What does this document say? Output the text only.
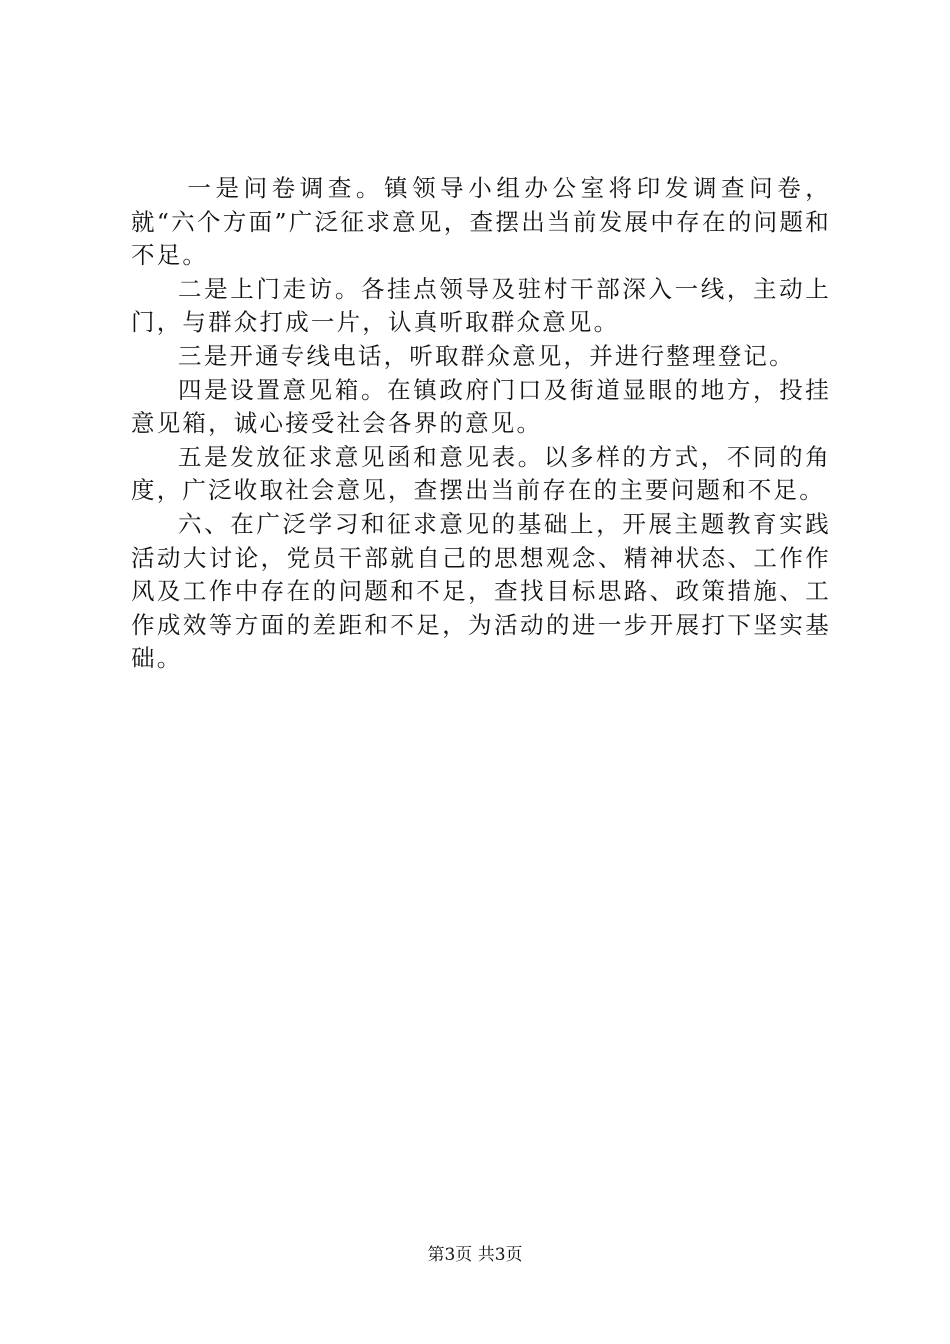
一是问卷调查。镇领导小组办公室将印发调查问卷，就“六个方面”广泛征求意见，查摆出当前发展中存在的问题和不足。

二是上门走访。各挂点领导及驻村干部深入一线，主动上门，与群众打成一片，认真听取群众意见。

三是开通专线电话，听取群众意见，并进行整理登记。

四是设置意见箱。在镇政府门口及街道显眼的地方，投挂意见箱，诚心接受社会各界的意见。

五是发放征求意见函和意见表。以多样的方式，不同的角度，广泛收取社会意见，查摆出当前存在的主要问题和不足。

六、在广泛学习和征求意见的基础上，开展主题教育实践活动大讨论，党员干部就自己的思想观念、精神状态、工作作风及工作中存在的问题和不足，查找目标思路、政策措施、工作成效等方面的差距和不足，为活动的进一步开展打下坚实基础。

第3页 共3页
